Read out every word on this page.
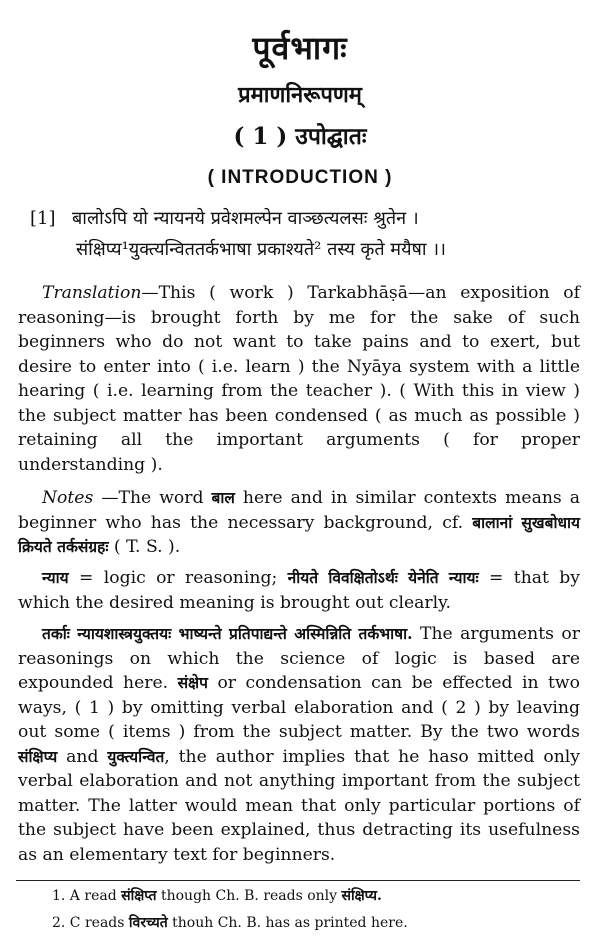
पूर्वभागः
प्रमाणनिरूपणम्
( 1 ) उपोद्घातः
( INTRODUCTION )
[1] बालोऽपि यो न्यायनये प्रवेशमल्पेन वाञ्छत्यलसः श्रुतेन ।
संक्षिप्य¹युक्त्यन्वितत‍र्कभाषा प्रकाश्यते² तस्य कृते मयैषा ।।
Translation—This ( work ) Tarkabhāṣā—an exposition of reasoning—is brought forth by me for the sake of such beginners who do not want to take pains and to exert, but desire to enter into ( i.e. learn ) the Nyāya system with a little hearing ( i.e. learning from the teacher ). ( With this in view ) the subject matter has been condensed ( as much as possible ) retaining all the important arguments ( for proper understanding ).
Notes —The word बाल here and in similar contexts means a beginner who has the necessary background, cf. बालानां सुखबोधाय क्रियते तर्कसंग्रहः ( T. S. ).
न्याय = logic or reasoning; नीयते विवक्षितोऽर्थः येनेति न्यायः = that by which the desired meaning is brought out clearly.
तर्काः न्यायशास्त्रयुक्तयः भाष्यन्ते प्रतिपाद्यन्ते अस्मिन्निति तर्कभाषा. The arguments or reasonings on which the science of logic is based are expounded here. संक्षेप or condensation can be effected in two ways, ( 1 ) by omitting verbal elaboration and ( 2 ) by leaving out some ( items ) from the subject matter. By the two words संक्षिप्य and युक्त्यन्वित, the author implies that he haso mitted only verbal elaboration and not anything important from the subject matter. The latter would mean that only particular portions of the subject have been explained, thus detracting its usefulness as an elementary text for beginners.
1. A read संक्षिप्त though Ch. B. reads only संक्षिप्य.
2. C reads विरच्यते thouh Ch. B. has as printed here.
